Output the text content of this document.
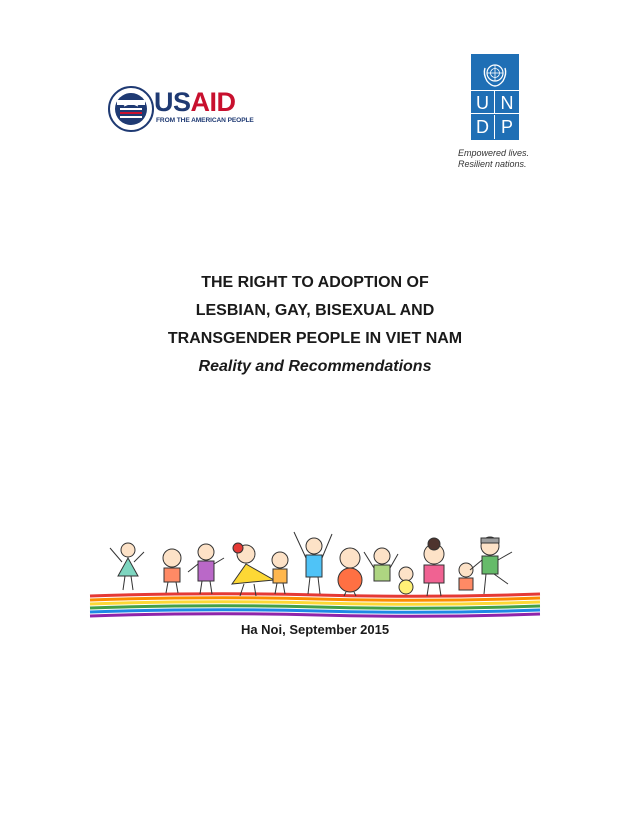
USAID
FROM THE AMERICAN PEOPLE
U N
D P
Empowered lives.
Resilient nations.
THE RIGHT TO ADOPTION OF
LESBIAN, GAY, BISEXUAL AND
TRANSGENDER PEOPLE IN VIET NAM
Reality and Recommendations
Ha Noi, September 2015
